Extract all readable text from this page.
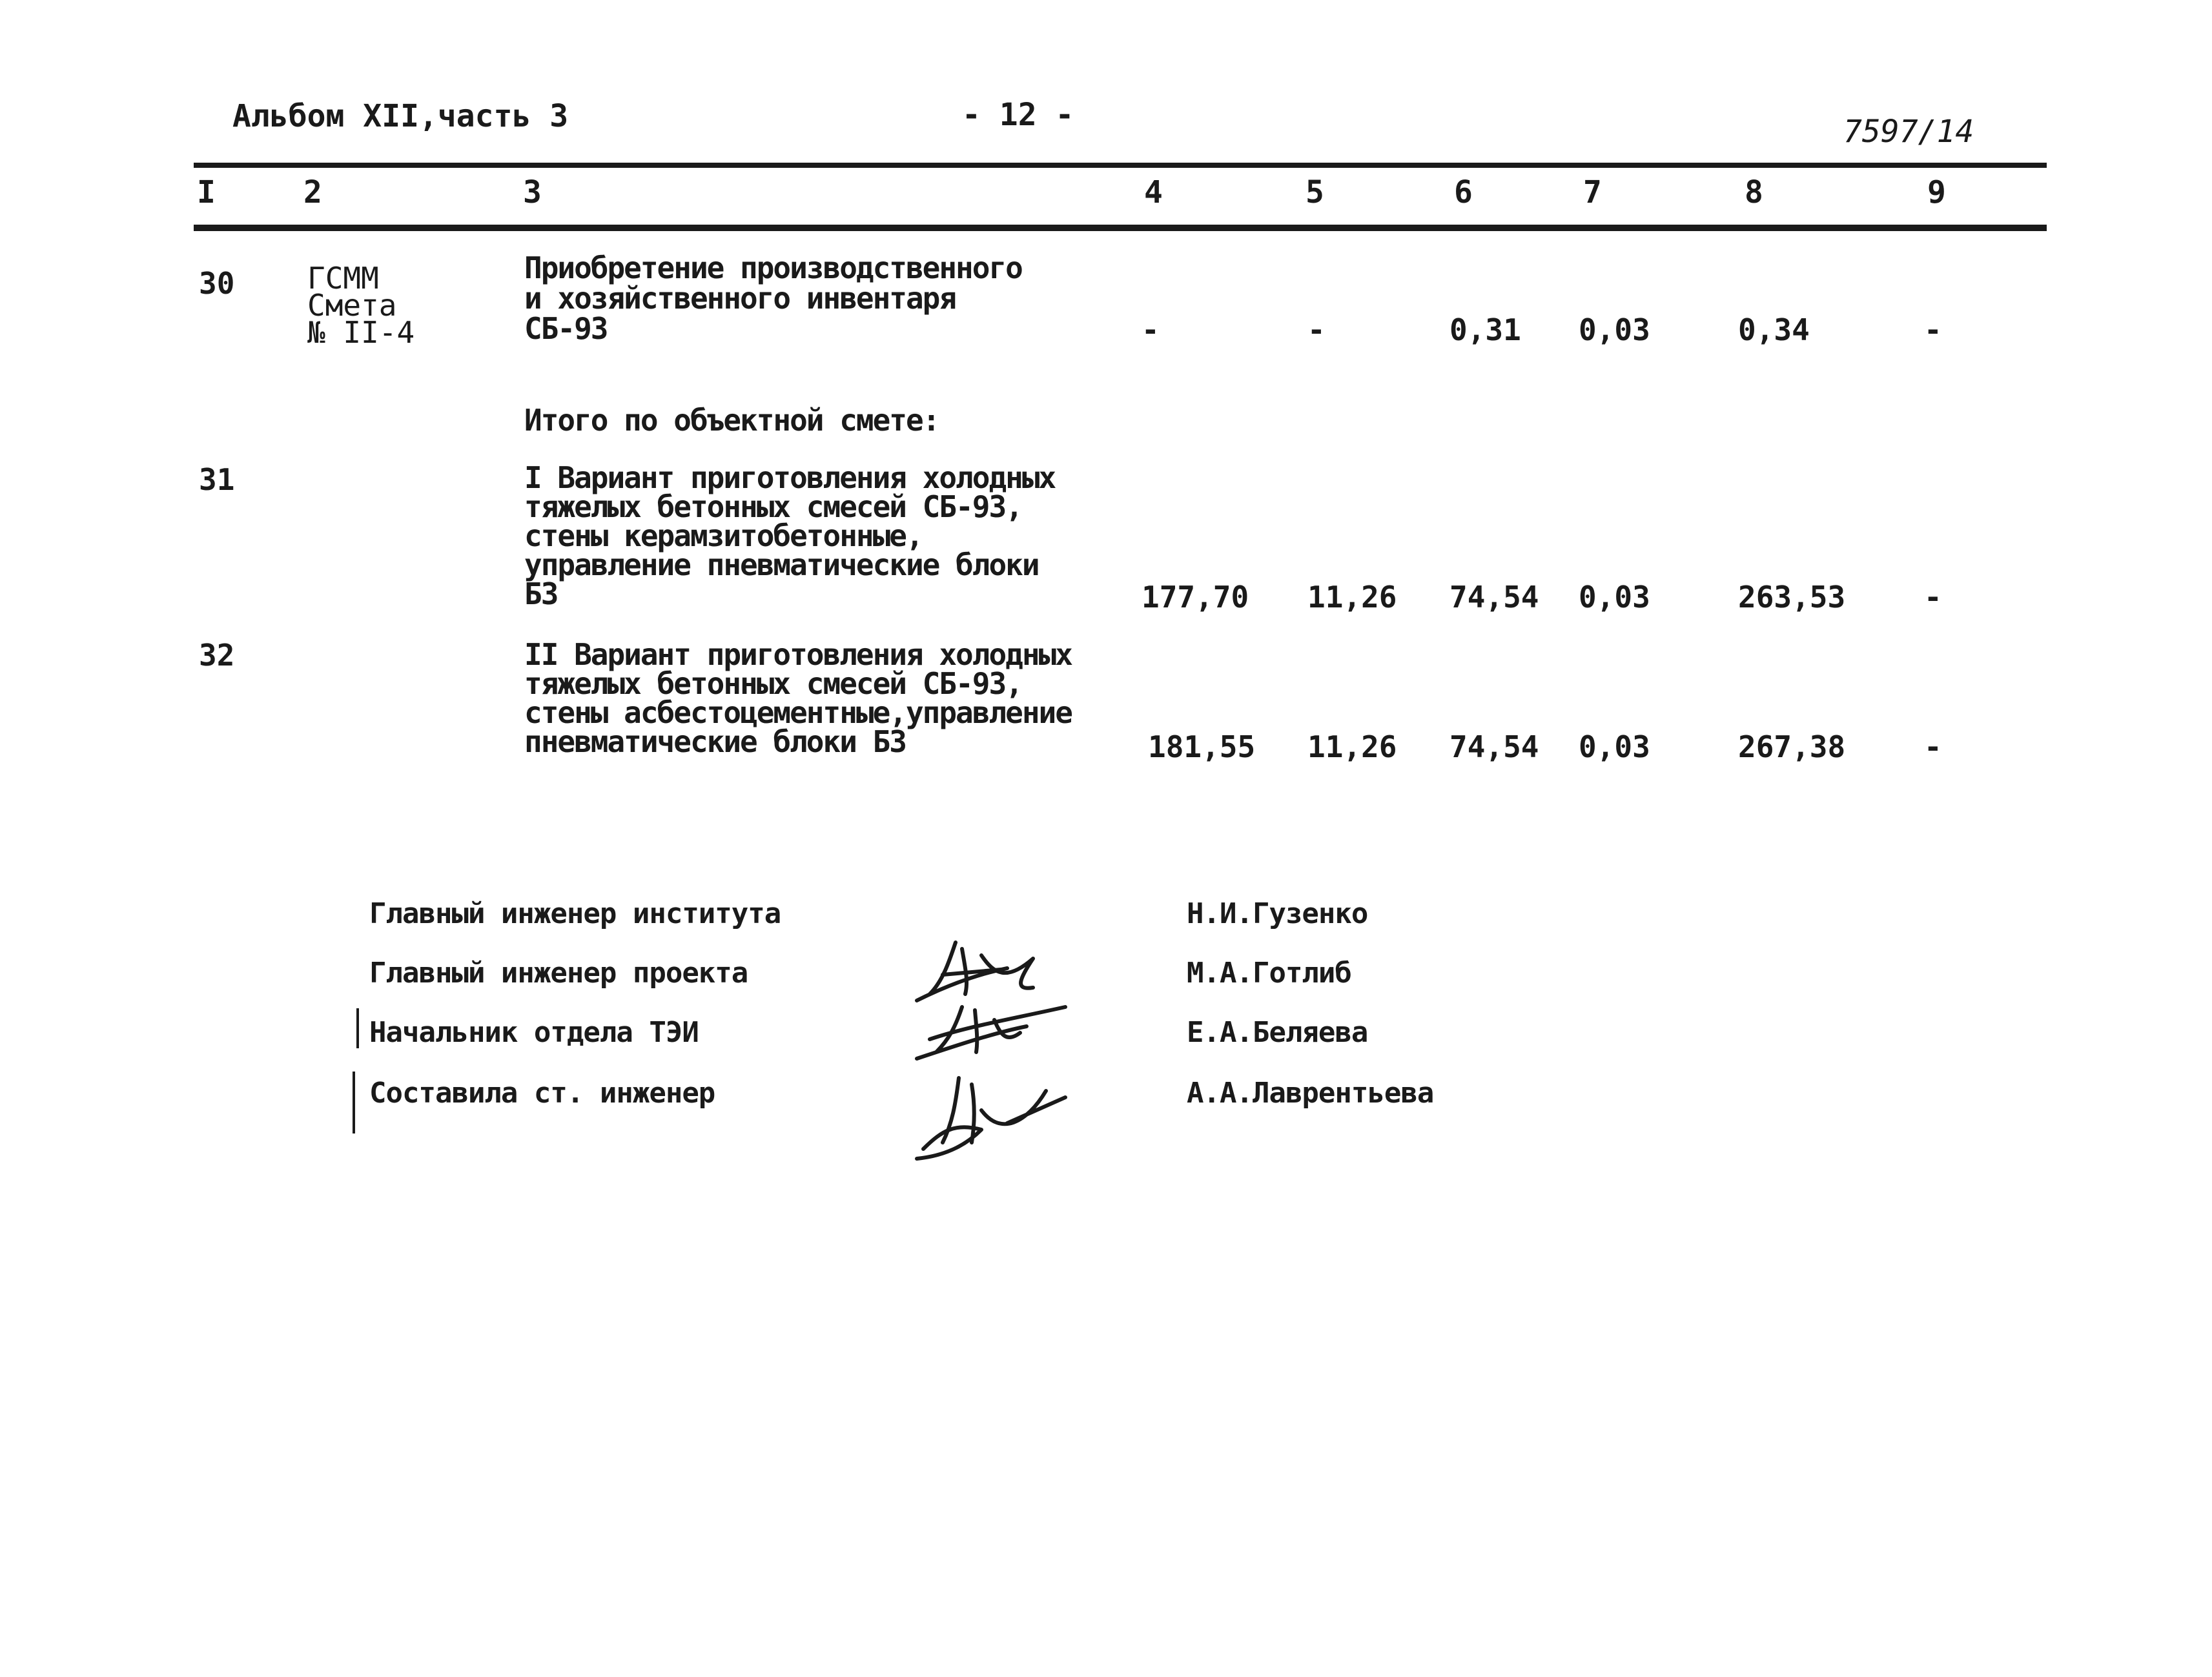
Альбом XII,часть 3	- 12 -	7597/14
I	2	3	4	5	6	7	8	9
30 ГСММ
Смета
№ II-4
Приобретение производственного
и хозяйственного инвентаря
СБ-93	-	-	0,31 0,03	0,34	-
Итого по объектной смете:
31	I Вариант приготовления холодных
тяжелых бетонных смесей СБ-93,
стены керамзитобетонные,
управление пневматические блоки
БЗ	177,70 11,26 74,54 0,03	263,53	-
32	II Вариант приготовления холодных
тяжелых бетонных смесей СБ-93,
стены асбестоцементные,управление
пневматические блоки БЗ	181,55 11,26 74,54 0,03	267,38	-
Главный инженер института	Н.И.Гузенко
Главный инженер проекта	М.А.Готлиб
Начальник отдела ТЭИ	Е.А.Беляева
Составила ст. инженер	А.А.Лаврентьева
